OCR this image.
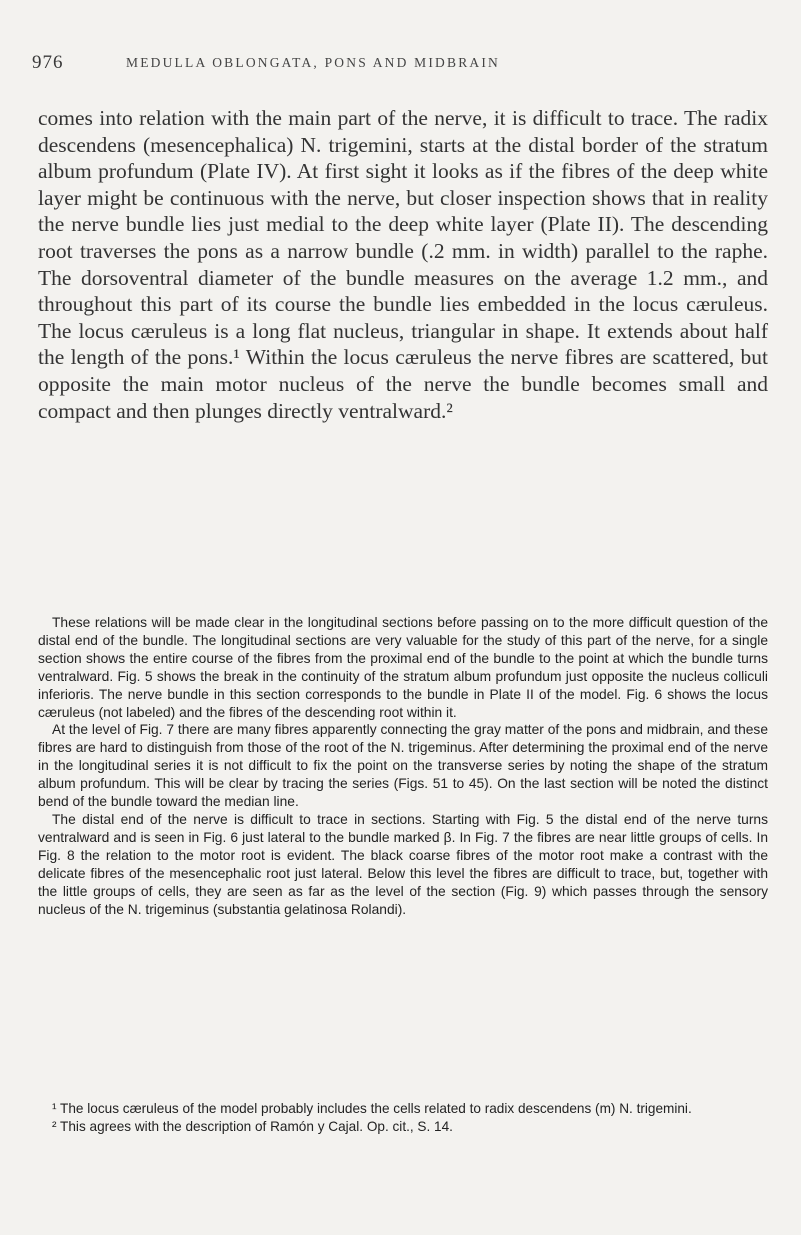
976	MEDULLA OBLONGATA, PONS AND MIDBRAIN

comes into relation with the main part of the nerve, it is difficult to trace. The radix descendens (mesencephalica) N. trigemini, starts at the distal border of the stratum album profundum (Plate IV). At first sight it looks as if the fibres of the deep white layer might be continuous with the nerve, but closer inspection shows that in reality the nerve bundle lies just medial to the deep white layer (Plate II). The descending root traverses the pons as a narrow bundle (.2 mm. in width) parallel to the raphe. The dorsoventral diameter of the bundle measures on the average 1.2 mm., and throughout this part of its course the bundle lies embedded in the locus cæruleus. The locus cæruleus is a long flat nucleus, triangular in shape. It extends about half the length of the pons.¹ Within the locus cæruleus the nerve fibres are scattered, but opposite the main motor nucleus of the nerve the bundle becomes small and compact and then plunges directly ventralward.²

These relations will be made clear in the longitudinal sections before passing on to the more difficult question of the distal end of the bundle. The longitudinal sections are very valuable for the study of this part of the nerve, for a single section shows the entire course of the fibres from the proximal end of the bundle to the point at which the bundle turns ventralward. Fig. 5 shows the break in the continuity of the stratum album profundum just opposite the nucleus colliculi inferioris. The nerve bundle in this section corresponds to the bundle in Plate II of the model. Fig. 6 shows the locus cæruleus (not labeled) and the fibres of the descending root within it.

At the level of Fig. 7 there are many fibres apparently connecting the gray matter of the pons and midbrain, and these fibres are hard to distinguish from those of the root of the N. trigeminus. After determining the proximal end of the nerve in the longitudinal series it is not difficult to fix the point on the transverse series by noting the shape of the stratum album profundum. This will be clear by tracing the series (Figs. 51 to 45). On the last section will be noted the distinct bend of the bundle toward the median line.

The distal end of the nerve is difficult to trace in sections. Starting with Fig. 5 the distal end of the nerve turns ventralward and is seen in Fig. 6 just lateral to the bundle marked β. In Fig. 7 the fibres are near little groups of cells. In Fig. 8 the relation to the motor root is evident. The black coarse fibres of the motor root make a contrast with the delicate fibres of the mesencephalic root just lateral. Below this level the fibres are difficult to trace, but, together with the little groups of cells, they are seen as far as the level of the section (Fig. 9) which passes through the sensory nucleus of the N. trigeminus (substantia gelatinosa Rolandi).

¹ The locus cæruleus of the model probably includes the cells related to radix descendens (m) N. trigemini.

² This agrees with the description of Ramón y Cajal. Op. cit., S. 14.
